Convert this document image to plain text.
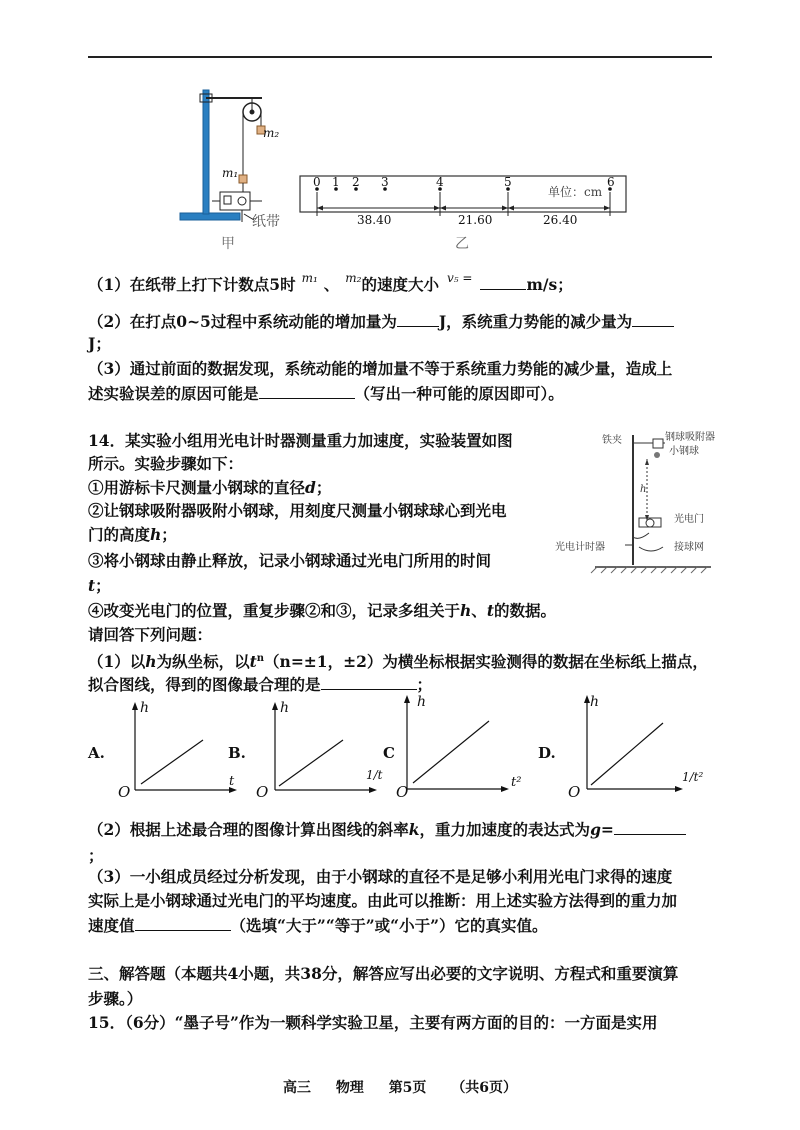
m₂
m₁
纸带
甲
0 1 2 3	4	5	6
单位：cm
38.40	21.60	26.40
乙
（1）在纸带上打下计数点5时 $^{m_1}$ 、 $^{m_2}$的速度大小 $^{v_5 =}$	m/s；
（2）在打点0~5过程中系统动能的增加量为	J，系统重力势能的减少量为
J；
（3）通过前面的数据发现，系统动能的增加量不等于系统重力势能的减少量，造成上
述实验误差的原因可能是	（写出一种可能的原因即可）。
14．某实验小组用光电计时器测量重力加速度，实验装置如图
所示。实验步骤如下：
①用游标卡尺测量小钢球的直径d；
②让钢球吸附器吸附小钢球，用刻度尺测量小钢球球心到光电
门的高度h；
③将小钢球由静止释放，记录小钢球通过光电门所用的时间
t；
④改变光电门的位置，重复步骤②和③，记录多组关于h、t的数据。
请回答下列问题：
（1）以h为纵坐标，以$t^n(n=\pm 1$，±2）为横坐标根据实验测得的数据在坐标纸上描点，
拟合图线，得到的图像最合理的是	；
铁夹	钢球吸附器
小钢球
h
光电门
光电计时器	接球网
A.
h
O
t
B.
h
O
1/t
C
h
O
t²
D.
h
O
1/t²
（2）根据上述最合理的图像计算出图线的斜率k，重力加速度的表达式为g=
；
（3）一小组成员经过分析发现，由于小钢球的直径不是足够小利用光电门求得的速度
实际上是小钢球通过光电门的平均速度。由此可以推断：用上述实验方法得到的重力加
速度值	（选填“大于”“等于”或“小于”）它的真实值。
三、解答题（本题共4小题，共38分，解答应写出必要的文字说明、方程式和重要演算
步骤。）
15．（6分）“墨子号”作为一颗科学实验卫星，主要有两方面的目的：一方面是实用
高三 物理 第5页 （共6页）
